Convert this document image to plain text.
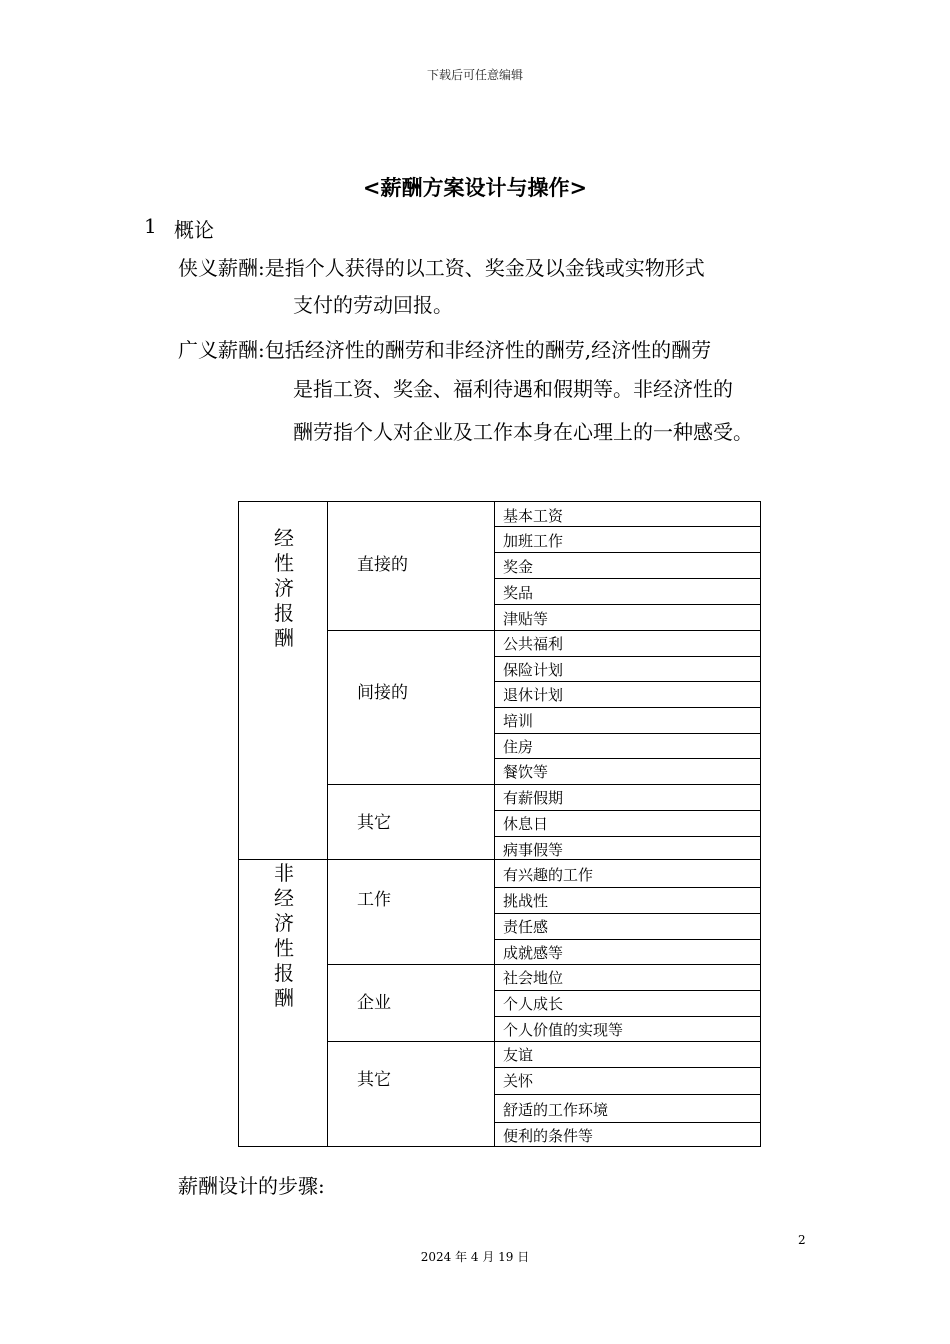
下载后可任意编辑
<薪酬方案设计与操作>
1 概论
侠义薪酬:是指个人获得的以工资、奖金及以金钱或实物形式
支付的劳动回报。
广义薪酬:包括经济性的酬劳和非经济性的酬劳,经济性的酬劳
是指工资、奖金、福利待遇和假期等。非经济性的
酬劳指个人对企业及工作本身在心理上的一种感受。
经
性
济
报
酬
非
经
济
性
报
酬
直接的
间接的
其它
工作
企业
其它
基本工资
加班工作
奖金
奖品
津贴等
公共福利
保险计划
退休计划
培训
住房
餐饮等
有薪假期
休息日
病事假等
有兴趣的工作
挑战性
责任感
成就感等
社会地位
个人成长
个人价值的实现等
友谊
关怀
舒适的工作环境
便利的条件等
薪酬设计的步骤:
2
2024 年 4 月 19 日
